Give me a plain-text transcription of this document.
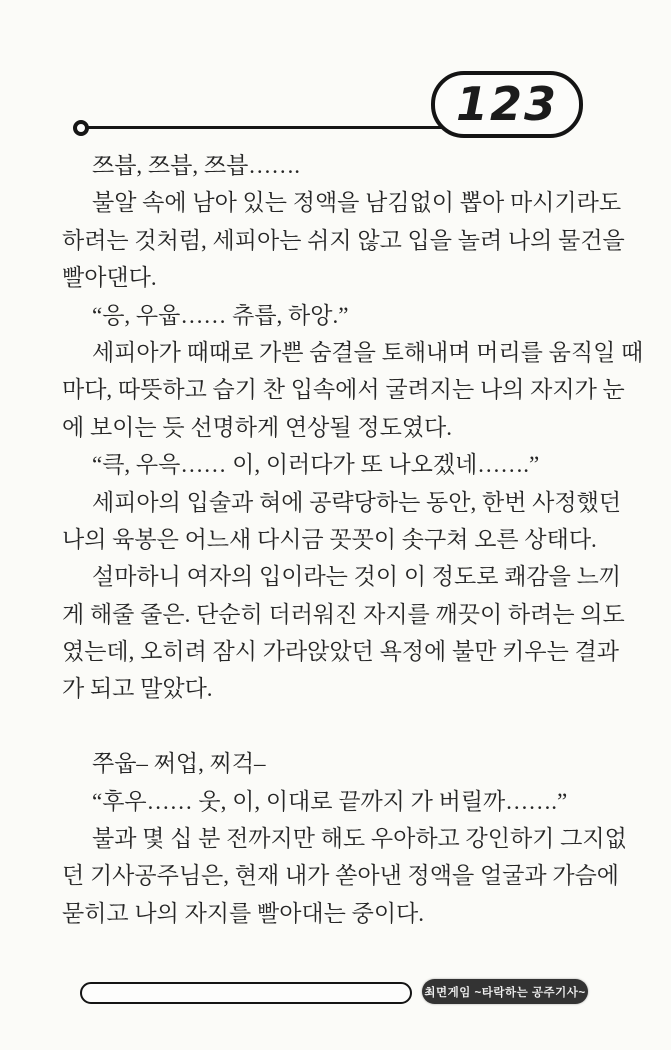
123
쯔븝, 쯔븝, 쯔븝…….
불알 속에 남아 있는 정액을 남김없이 뽑아 마시기라도
하려는 것처럼, 세피아는 쉬지 않고 입을 놀려 나의 물건을
빨아댄다.
“응, 우웁…… 츄릅, 하앙.”
세피아가 때때로 가쁜 숨결을 토해내며 머리를 움직일 때
마다, 따뜻하고 습기 찬 입속에서 굴려지는 나의 자지가 눈
에 보이는 듯 선명하게 연상될 정도였다.
“큭, 우윽…… 이, 이러다가 또 나오겠네…….”
세피아의 입술과 혀에 공략당하는 동안, 한번 사정했던
나의 육봉은 어느새 다시금 꼿꼿이 솟구쳐 오른 상태다.
설마하니 여자의 입이라는 것이 이 정도로 쾌감을 느끼
게 해줄 줄은. 단순히 더러워진 자지를 깨끗이 하려는 의도
였는데, 오히려 잠시 가라앉았던 욕정에 불만 키우는 결과
가 되고 말았다.
쭈웁– 쩌업, 찌걱–
“후우…… 웃, 이, 이대로 끝까지 가 버릴까…….”
불과 몇 십 분 전까지만 해도 우아하고 강인하기 그지없
던 기사공주님은, 현재 내가 쏟아낸 정액을 얼굴과 가슴에
묻히고 나의 자지를 빨아대는 중이다.
최면게임 ~타락하는 공주기사~
